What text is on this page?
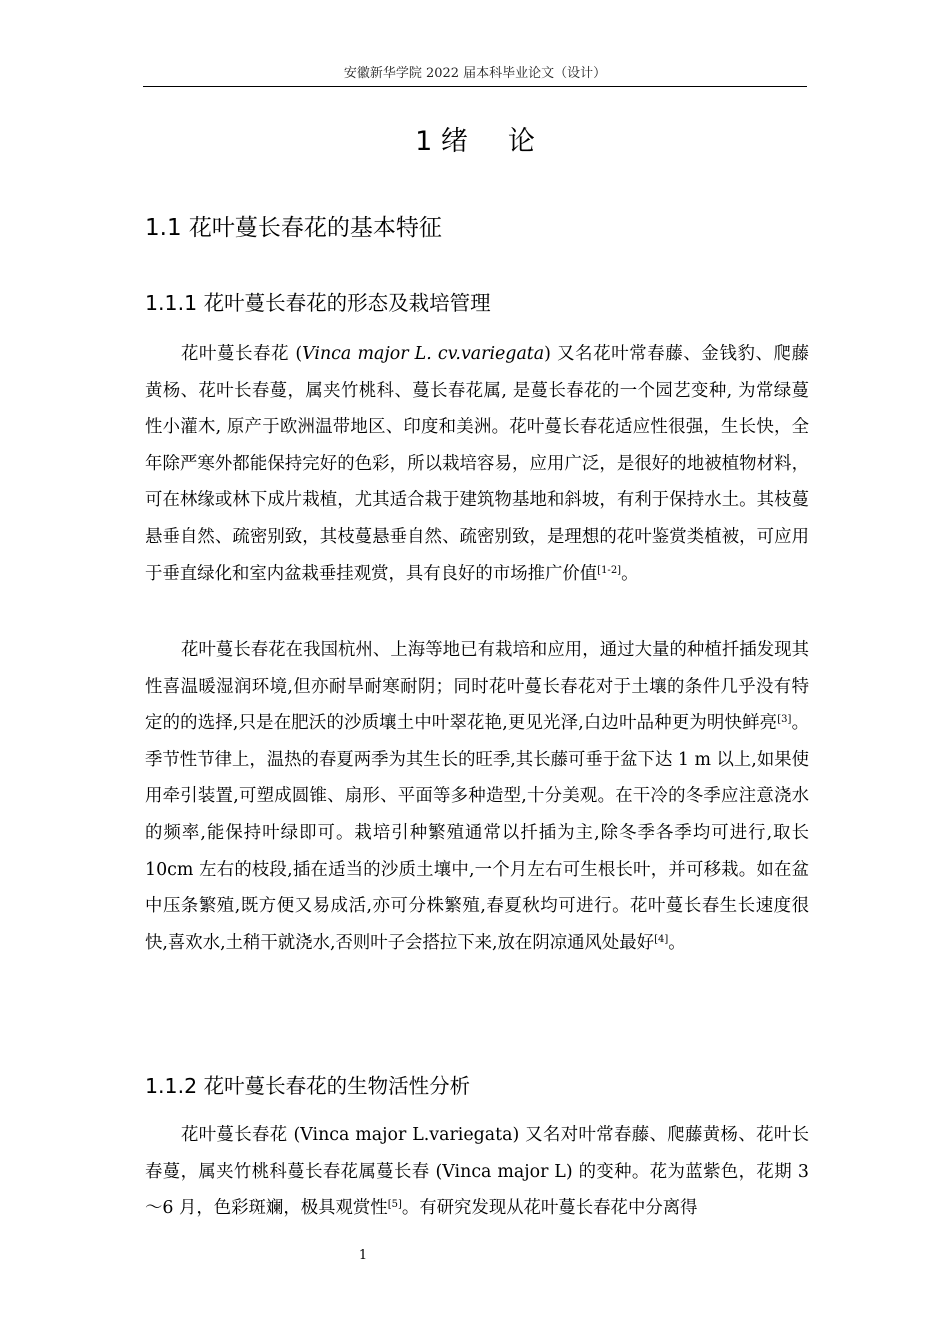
安徽新华学院 2022 届本科毕业论文（设计）
1 绪 论
1.1 花叶蔓长春花的基本特征
1.1.1 花叶蔓长春花的形态及栽培管理

花叶蔓长春花 (Vinca major L. cv.variegata) 又名花叶常春藤、金钱豹、爬藤黄杨、花叶长春蔓，属夹竹桃科、蔓长春花属, 是蔓长春花的一个园艺变种, 为常绿蔓性小灌木, 原产于欧洲温带地区、印度和美洲。花叶蔓长春花适应性很强，生长快，全年除严寒外都能保持完好的色彩，所以栽培容易，应用广泛，是很好的地被植物材料，可在林缘或林下成片栽植，尤其适合栽于建筑物基地和斜坡，有利于保持水土。其枝蔓悬垂自然、疏密别致，其枝蔓悬垂自然、疏密别致，是理想的花叶鉴赏类植被，可应用于垂直绿化和室内盆栽垂挂观赏，具有良好的市场推广价值[1-2]。

花叶蔓长春花在我国杭州、上海等地已有栽培和应用，通过大量的种植扦插发现其性喜温暖湿润环境,但亦耐旱耐寒耐阴；同时花叶蔓长春花对于土壤的条件几乎没有特定的的选择,只是在肥沃的沙质壤土中叶翠花艳,更见光泽,白边叶品种更为明快鲜亮[3]。季节性节律上，温热的春夏两季为其生长的旺季,其长藤可垂于盆下达 1 m 以上,如果使用牵引装置,可塑成圆锥、扇形、平面等多种造型,十分美观。在干冷的冬季应注意浇水的频率,能保持叶绿即可。栽培引种繁殖通常以扦插为主,除冬季各季均可进行,取长 10cm 左右的枝段,插在适当的沙质土壤中,一个月左右可生根长叶，并可移栽。如在盆中压条繁殖,既方便又易成活,亦可分株繁殖,春夏秋均可进行。花叶蔓长春生长速度很快,喜欢水,土稍干就浇水,否则叶子会搭拉下来,放在阴凉通风处最好[4]。

1.1.2 花叶蔓长春花的生物活性分析

花叶蔓长春花 (Vinca major L.variegata) 又名对叶常春藤、爬藤黄杨、花叶长春蔓，属夹竹桃科蔓长春花属蔓长春 (Vinca major L) 的变种。花为蓝紫色，花期 3～6 月，色彩斑斓，极具观赏性[5]。有研究发现从花叶蔓长春花中分离得

1
